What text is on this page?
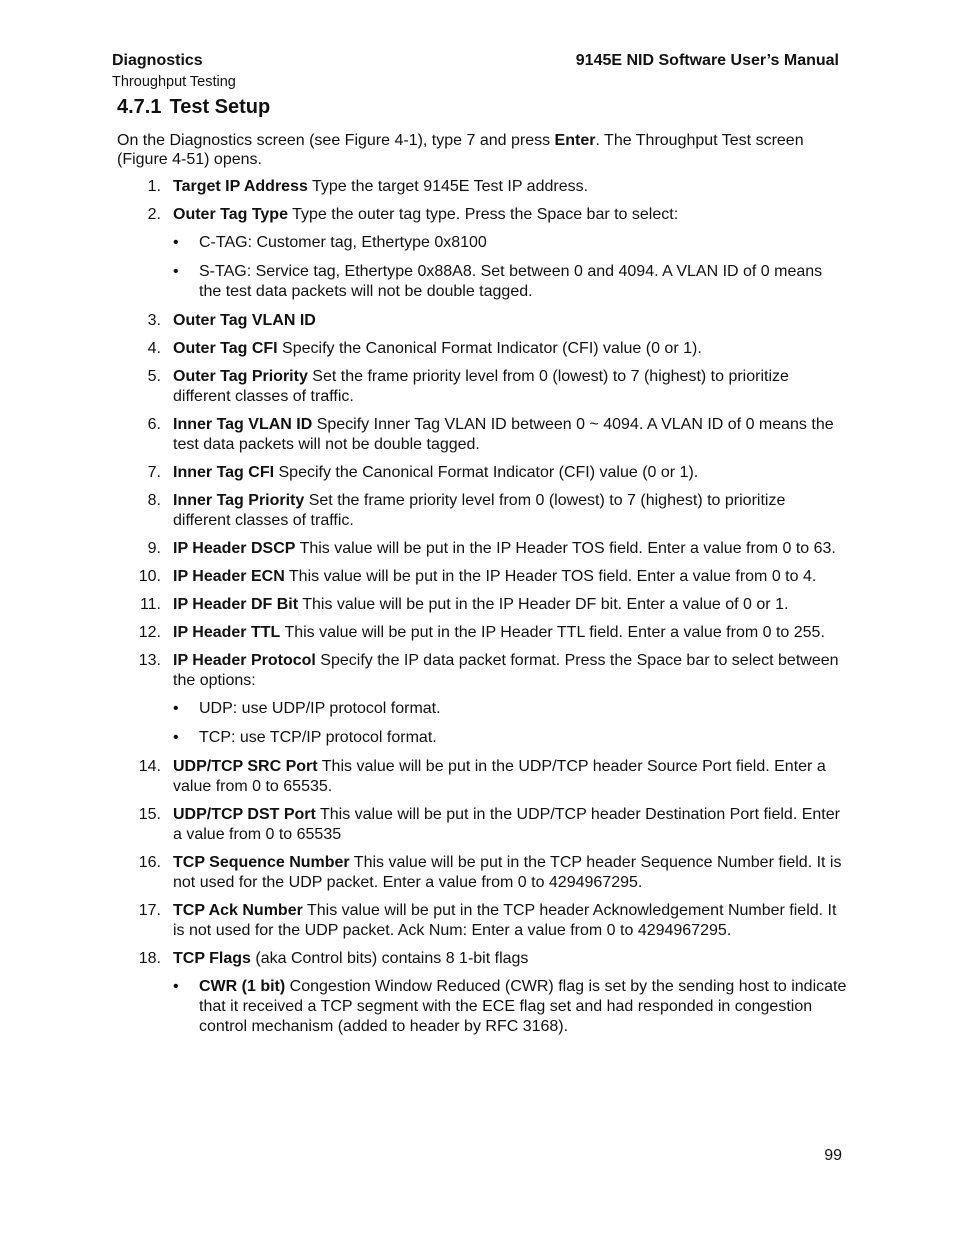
Diagnostics
Throughput Testing
9145E NID Software User’s Manual
4.7.1 Test Setup
On the Diagnostics screen (see Figure 4-1), type 7 and press Enter. The Throughput Test screen (Figure 4-51) opens.
1. Target IP Address Type the target 9145E Test IP address.
2. Outer Tag Type Type the outer tag type. Press the Space bar to select:
• C-TAG: Customer tag, Ethertype 0x8100
• S-TAG: Service tag, Ethertype 0x88A8. Set between 0 and 4094. A VLAN ID of 0 means the test data packets will not be double tagged.
3. Outer Tag VLAN ID
4. Outer Tag CFI Specify the Canonical Format Indicator (CFI) value (0 or 1).
5. Outer Tag Priority Set the frame priority level from 0 (lowest) to 7 (highest) to prioritize different classes of traffic.
6. Inner Tag VLAN ID Specify Inner Tag VLAN ID between 0 ~ 4094. A VLAN ID of 0 means the test data packets will not be double tagged.
7. Inner Tag CFI Specify the Canonical Format Indicator (CFI) value (0 or 1).
8. Inner Tag Priority Set the frame priority level from 0 (lowest) to 7 (highest) to prioritize different classes of traffic.
9. IP Header DSCP This value will be put in the IP Header TOS field. Enter a value from 0 to 63.
10. IP Header ECN This value will be put in the IP Header TOS field. Enter a value from 0 to 4.
11. IP Header DF Bit This value will be put in the IP Header DF bit. Enter a value of 0 or 1.
12. IP Header TTL This value will be put in the IP Header TTL field. Enter a value from 0 to 255.
13. IP Header Protocol Specify the IP data packet format. Press the Space bar to select between the options:
• UDP: use UDP/IP protocol format.
• TCP: use TCP/IP protocol format.
14. UDP/TCP SRC Port This value will be put in the UDP/TCP header Source Port field. Enter a value from 0 to 65535.
15. UDP/TCP DST Port This value will be put in the UDP/TCP header Destination Port field. Enter a value from 0 to 65535
16. TCP Sequence Number This value will be put in the TCP header Sequence Number field. It is not used for the UDP packet. Enter a value from 0 to 4294967295.
17. TCP Ack Number This value will be put in the TCP header Acknowledgement Number field. It is not used for the UDP packet. Ack Num: Enter a value from 0 to 4294967295.
18. TCP Flags (aka Control bits) contains 8 1-bit flags
• CWR (1 bit) Congestion Window Reduced (CWR) flag is set by the sending host to indicate that it received a TCP segment with the ECE flag set and had responded in congestion control mechanism (added to header by RFC 3168).
99
